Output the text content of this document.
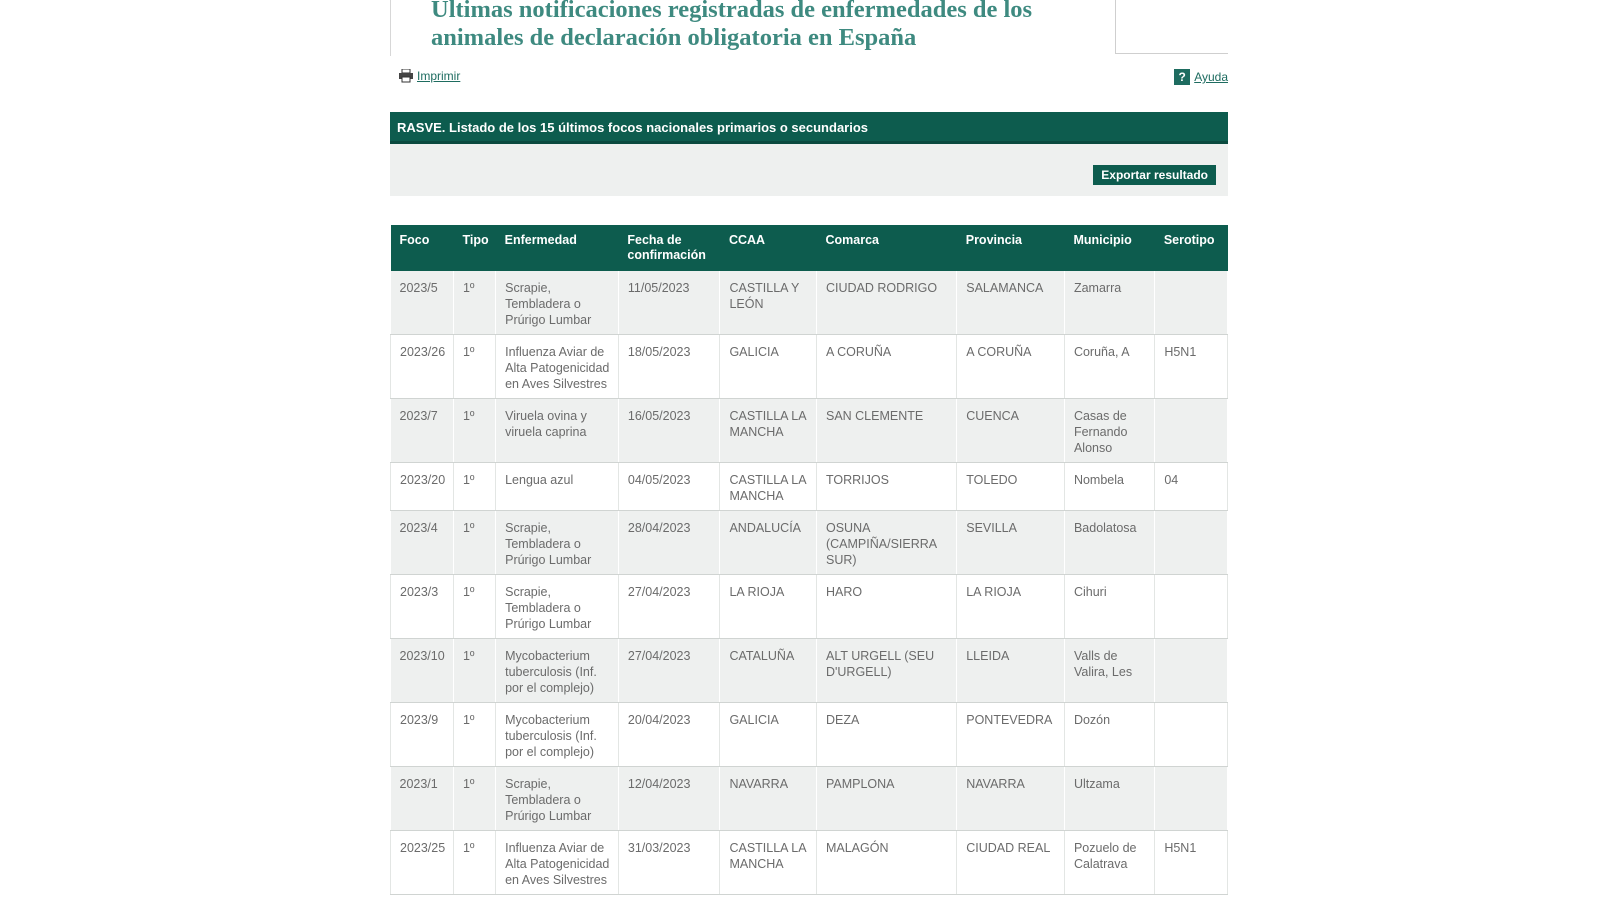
Ultimas notificaciones registradas de enfermedades de los animales de declaración obligatoria en España
Imprimir	? Ayuda
RASVE. Listado de los 15 últimos focos nacionales primarios o secundarios
Exportar resultado
Foco	Tipo	Enfermedad	Fecha de confirmación	CCAA	Comarca	Provincia	Municipio	Serotipo
2023/5	1º	Scrapie, Tembladera o Prúrigo Lumbar	11/05/2023	CASTILLA Y LEÓN	CIUDAD RODRIGO	SALAMANCA	Zamarra	
2023/26	1º	Influenza Aviar de Alta Patogenicidad en Aves Silvestres	18/05/2023	GALICIA	A CORUÑA	A CORUÑA	Coruña, A	H5N1
2023/7	1º	Viruela ovina y viruela caprina	16/05/2023	CASTILLA LA MANCHA	SAN CLEMENTE	CUENCA	Casas de Fernando Alonso	
2023/20	1º	Lengua azul	04/05/2023	CASTILLA LA MANCHA	TORRIJOS	TOLEDO	Nombela	04
2023/4	1º	Scrapie, Tembladera o Prúrigo Lumbar	28/04/2023	ANDALUCÍA	OSUNA (CAMPIÑA/SIERRA SUR)	SEVILLA	Badolatosa	
2023/3	1º	Scrapie, Tembladera o Prúrigo Lumbar	27/04/2023	LA RIOJA	HARO	LA RIOJA	Cihuri	
2023/10	1º	Mycobacterium tuberculosis (Inf. por el complejo)	27/04/2023	CATALUÑA	ALT URGELL (SEU D'URGELL)	LLEIDA	Valls de Valira, Les	
2023/9	1º	Mycobacterium tuberculosis (Inf. por el complejo)	20/04/2023	GALICIA	DEZA	PONTEVEDRA	Dozón	
2023/1	1º	Scrapie, Tembladera o Prúrigo Lumbar	12/04/2023	NAVARRA	PAMPLONA	NAVARRA	Ultzama	
2023/25	1º	Influenza Aviar de Alta Patogenicidad en Aves Silvestres	31/03/2023	CASTILLA LA MANCHA	MALAGÓN	CIUDAD REAL	Pozuelo de Calatrava	H5N1
